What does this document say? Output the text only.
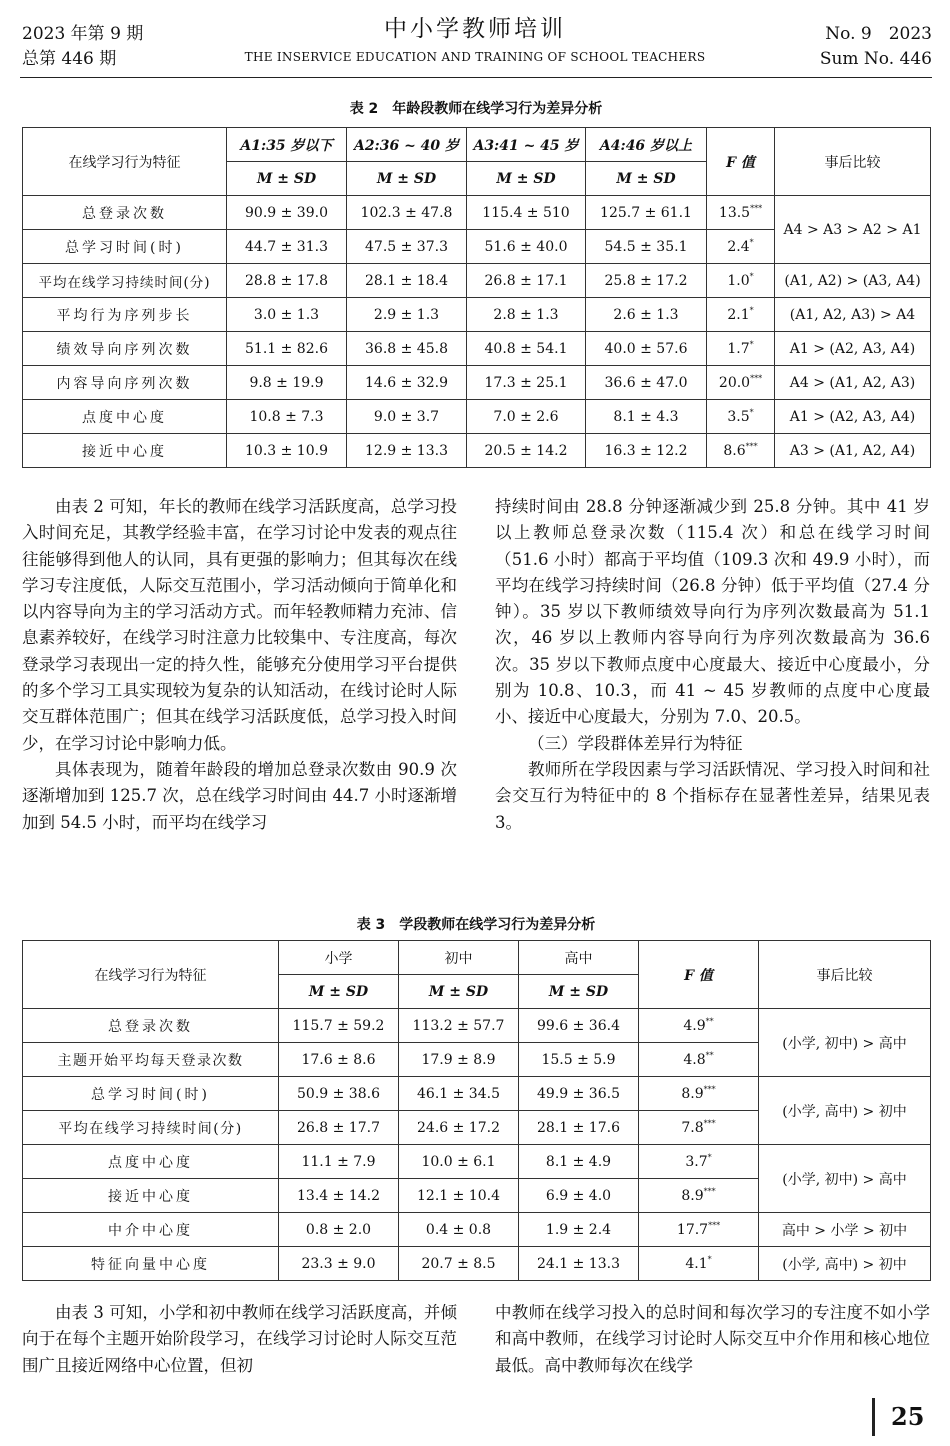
2023 年第 9 期
总第 446 期
中小学教师培训
THE INSERVICE EDUCATION AND TRAINING OF SCHOOL TEACHERS
No. 9　2023
Sum No. 446
表 2　年龄段教师在线学习行为差异分析
在线学习行为特征	A1:35 岁以下	A2:36 ~ 40 岁	A3:41 ~ 45 岁	A4:46 岁以上	F 值	事后比较
	M ± SD	M ± SD	M ± SD	M ± SD		
总登录次数	90.9 ± 39.0	102.3 ± 47.8	115.4 ± 510	125.7 ± 61.1	13.5***	A4 > A3 > A2 > A1
总学习时间(时)	44.7 ± 31.3	47.5 ± 37.3	51.6 ± 40.0	54.5 ± 35.1	2.4*
平均在线学习持续时间(分)	28.8 ± 17.8	28.1 ± 18.4	26.8 ± 17.1	25.8 ± 17.2	1.0*	(A1, A2) > (A3, A4)
平均行为序列步长	3.0 ± 1.3	2.9 ± 1.3	2.8 ± 1.3	2.6 ± 1.3	2.1*	(A1, A2, A3) > A4
绩效导向序列次数	51.1 ± 82.6	36.8 ± 45.8	40.8 ± 54.1	40.0 ± 57.6	1.7*	A1 > (A2, A3, A4)
内容导向序列次数	9.8 ± 19.9	14.6 ± 32.9	17.3 ± 25.1	36.6 ± 47.0	20.0***	A4 > (A1, A2, A3)
点度中心度	10.8 ± 7.3	9.0 ± 3.7	7.0 ± 2.6	8.1 ± 4.3	3.5*	A1 > (A2, A3, A4)
接近中心度	10.3 ± 10.9	12.9 ± 13.3	20.5 ± 14.2	16.3 ± 12.2	8.6***	A3 > (A1, A2, A4)

由表 2 可知，年长的教师在线学习活跃度高，总学习投入时间充足，其教学经验丰富，在学习讨论中发表的观点往往能够得到他人的认同，具有更强的影响力；但其每次在线学习专注度低，人际交互范围小，学习活动倾向于简单化和以内容导向为主的学习活动方式。而年轻教师精力充沛、信息素养较好，在线学习时注意力比较集中、专注度高，每次登录学习表现出一定的持久性，能够充分使用学习平台提供的多个学习工具实现较为复杂的认知活动，在线讨论时人际交互群体范围广；但其在线学习活跃度低，总学习投入时间少，在学习讨论中影响力低。

具体表现为，随着年龄段的增加总登录次数由 90.9 次逐渐增加到 125.7 次，总在线学习时间由 44.7 小时逐渐增加到 54.5 小时，而平均在线学习

持续时间由 28.8 分钟逐渐减少到 25.8 分钟。其中 41 岁以上教师总登录次数（115.4 次）和总在线学习时间（51.6 小时）都高于平均值（109.3 次和 49.9 小时），而平均在线学习持续时间（26.8 分钟）低于平均值（27.4 分钟）。35 岁以下教师绩效导向行为序列次数最高为 51.1 次，46 岁以上教师内容导向行为序列次数最高为 36.6 次。35 岁以下教师点度中心度最大、接近中心度最小，分别为 10.8、10.3，而 41 ~ 45 岁教师的点度中心度最小、接近中心度最大，分别为 7.0、20.5。

（三）学段群体差异行为特征

教师所在学段因素与学习活跃情况、学习投入时间和社会交互行为特征中的 8 个指标存在显著性差异，结果见表 3。

表 3　学段教师在线学习行为差异分析
在线学习行为特征	小学	初中	高中	F 值	事后比较
	M ± SD	M ± SD	M ± SD		
总登录次数	115.7 ± 59.2	113.2 ± 57.7	99.6 ± 36.4	4.9**	(小学, 初中) > 高中
主题开始平均每天登录次数	17.6 ± 8.6	17.9 ± 8.9	15.5 ± 5.9	4.8**
总学习时间(时)	50.9 ± 38.6	46.1 ± 34.5	49.9 ± 36.5	8.9***	(小学, 高中) > 初中
平均在线学习持续时间(分)	26.8 ± 17.7	24.6 ± 17.2	28.1 ± 17.6	7.8***
点度中心度	11.1 ± 7.9	10.0 ± 6.1	8.1 ± 4.9	3.7*	(小学, 初中) > 高中
接近中心度	13.4 ± 14.2	12.1 ± 10.4	6.9 ± 4.0	8.9***
中介中心度	0.8 ± 2.0	0.4 ± 0.8	1.9 ± 2.4	17.7***	高中 > 小学 > 初中
特征向量中心度	23.3 ± 9.0	20.7 ± 8.5	24.1 ± 13.3	4.1*	(小学, 高中) > 初中

由表 3 可知，小学和初中教师在线学习活跃度高，并倾向于在每个主题开始阶段学习，在线学习讨论时人际交互范围广且接近网络中心位置，但初

中教师在线学习投入的总时间和每次学习的专注度不如小学和高中教师，在线学习讨论时人际交互中介作用和核心地位最低。高中教师每次在线学

25
